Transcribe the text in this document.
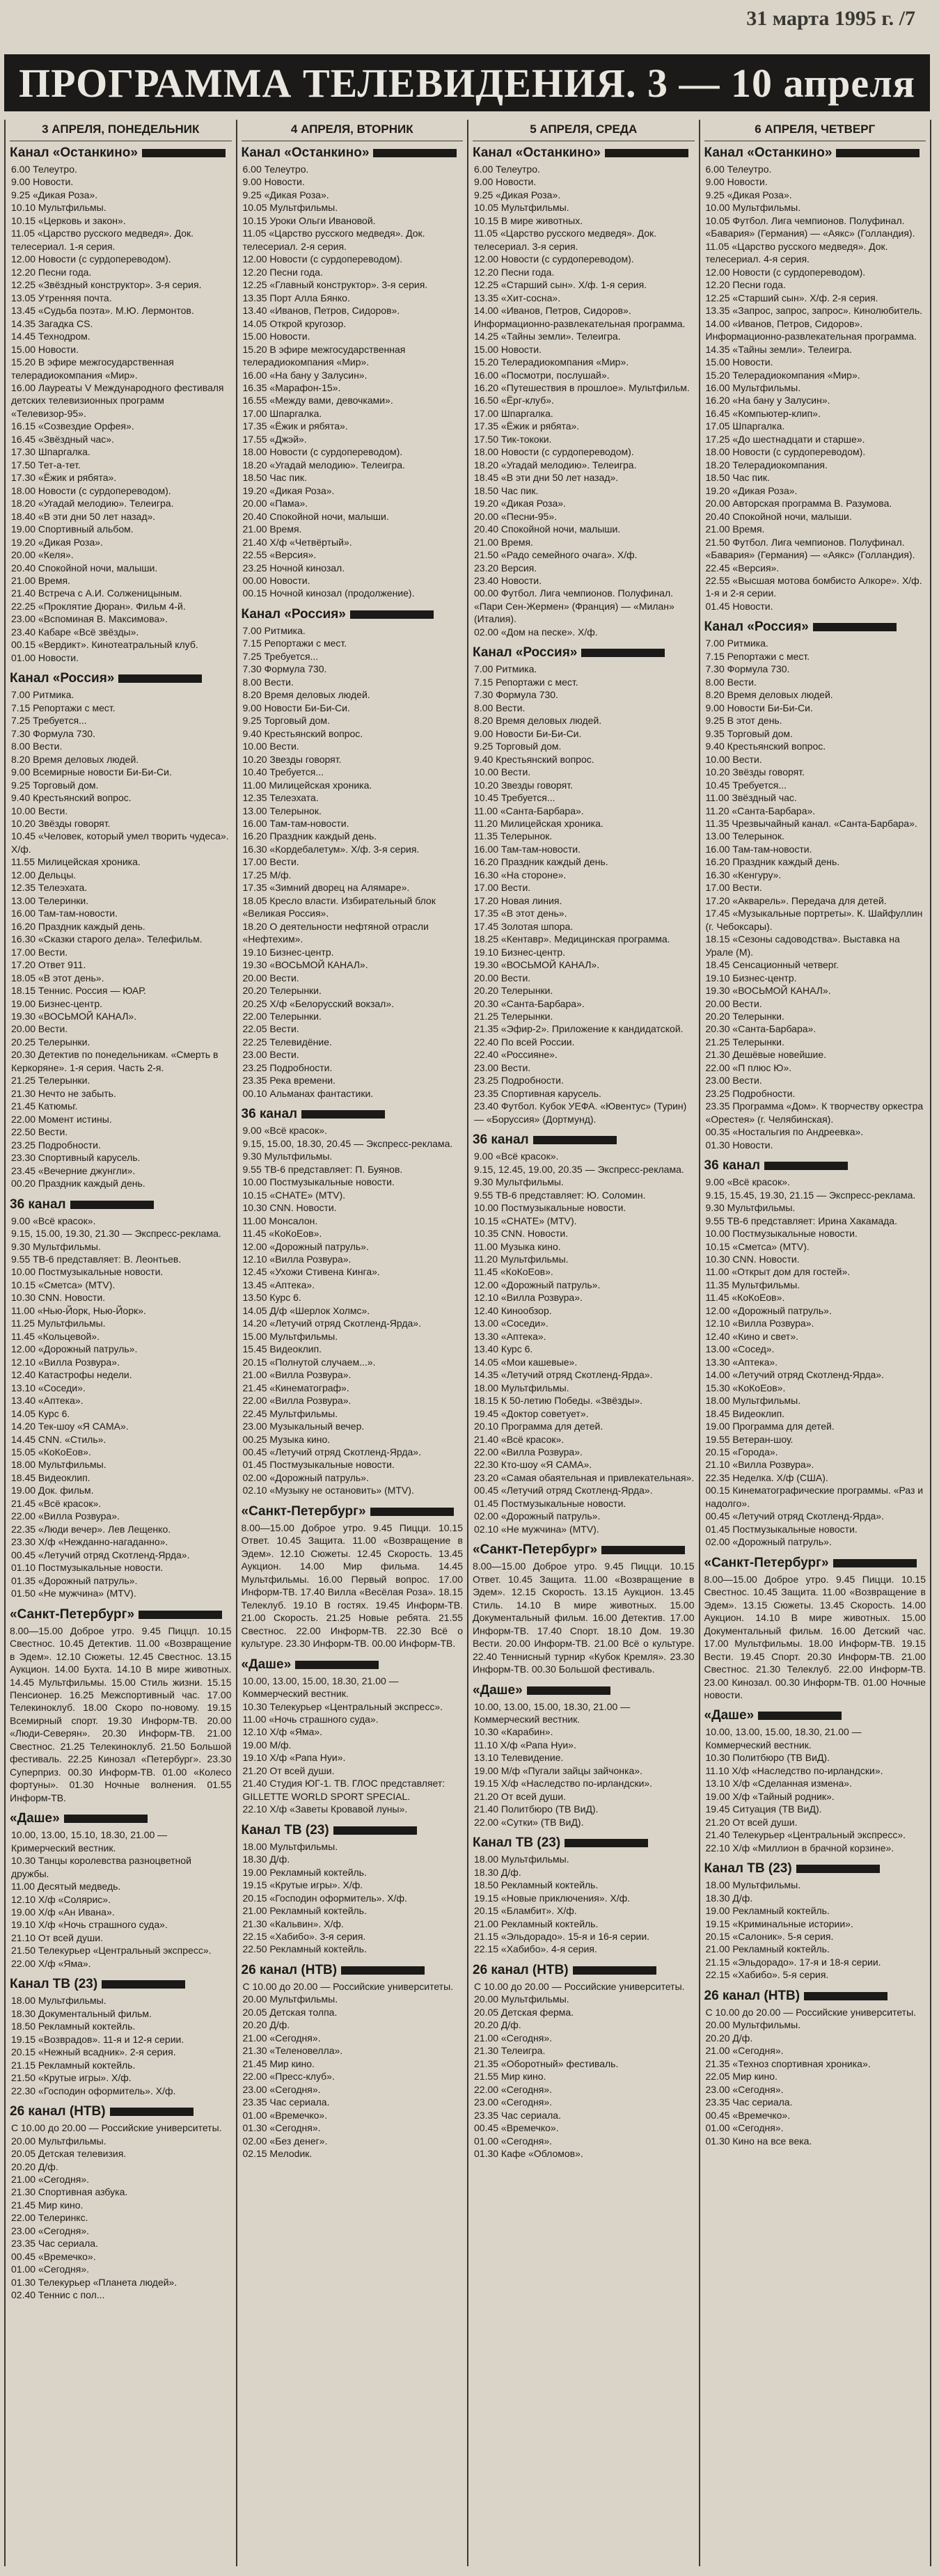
31 марта 1995 г. /7
ПРОГРАММА ТЕЛЕВИДЕНИЯ. 3 — 10 апреля
3 АПРЕЛЯ, ПОНЕДЕЛЬНИК
Канал «Останкино»

6.00 Телеутро.

9.00 Новости.

9.25 «Дикая Роза».

10.10 Мультфильмы.

10.15 «Церковь и закон».

11.05 «Царство русского медведя». Док. телесериал. 1-я серия.

12.00 Новости (с сурдопереводом).

12.20 Песни года.

12.25 «Звёздный конструктор». 3-я серия.

13.05 Утренняя почта.

13.45 «Судьба поэта». М.Ю. Лермонтов.

14.35 Загадка CS.

14.45 Технодром.

15.00 Новости.

15.20 В эфире межгосударственная телерадиокомпания «Мир».

16.00 Лауреаты V Международного фестиваля детских телевизионных программ «Телевизор-95».

16.15 «Созвездие Орфея».

16.45 «Звёздный час».

17.30 Шпаргалка.

17.50 Тет-а-тет.

17.30 «Ёжик и рябята».

18.00 Новости (с сурдопереводом).

18.20 «Угадай мелодию». Телеигра.

18.40 «В эти дни 50 лет назад».

19.00 Спортивный альбом.

19.20 «Дикая Роза».

20.00 «Келя».

20.40 Спокойной ночи, малыши.

21.00 Время.

21.40 Встреча с А.И. Солженицыным.

22.25 «Проклятие Дюран». Фильм 4-й.

23.00 «Вспоминая В. Максимова».

23.40 Кабаре «Всё звёзды».

00.15 «Вердикт». Кинотеатральный клуб.

01.00 Новости.

Канал «Россия»

7.00 Ритмика.

7.15 Репортажи с мест.

7.25 Требуется...

7.30 Формула 730.

8.00 Вести.

8.20 Время деловых людей.

9.00 Всемирные новости Би-Би-Си.

9.25 Торговый дом.

9.40 Крестьянский вопрос.

10.00 Вести.

10.20 Звёзды говорят.

10.45 «Человек, который умел творить чудеса». Х/ф.

11.55 Милицейская хроника.

12.00 Дельцы.

12.35 Телеэхата.

13.00 Телеринки.

16.00 Там-там-новости.

16.20 Праздник каждый день.

16.30 «Сказки старого дела». Телефильм.

17.00 Вести.

17.20 Ответ 911.

18.05 «В этот день».

18.15 Тенниc. Россия — ЮАР.

19.00 Бизнес-центр.

19.30 «ВОСЬМОЙ КАНАЛ».

20.00 Вести.

20.25 Телерынки.

20.30 Детектив по понедельникам. «Смерть в Керкоряне». 1-я серия. Часть 2-я.

21.25 Телерынки.

21.30 Нечто не забыть.

21.45 Катюмьг.

22.00 Момент истины.

22.50 Вести.

23.25 Подробности.

23.30 Спортивный карусель.

23.45 «Вечерние джунгли».

00.20 Праздник каждый день.

36 канал

9.00 «Всё красок».

9.15, 15.00, 19.30, 21.30 — Экспресс-реклама.

9.30 Мультфильмы.

9.55 ТВ-6 представляет: В. Леонтьев.

10.00 Постмузыкальные новости.

10.15 «Сметса» (МТV).

10.30 CNN. Новости.

11.00 «Нью-Йорк, Нью-Йорк».

11.25 Мультфильмы.

11.45 «Кольцевой».

12.00 «Дорожный патруль».

12.10 «Вилла Розвура».

12.40 Катастрофы недели.

13.10 «Соседи».

13.40 «Аптека».

14.05 Курс 6.

14.20 Тек-шоу «Я САМА».

14.45 CNN. «Стиль».

15.05 «КоКоЕов».

18.00 Мультфильмы.

18.45 Видеоклип.

19.00 Док. фильм.

21.45 «Всё красок».

22.00 «Вилла Розвура».

22.35 «Люди вечер». Лев Лещенко.

23.30 Х/ф «Нежданно-нагаданно».

00.45 «Летучий отряд Скотленд-Ярда».

01.10 Постмузыкальные новости.

01.35 «Дорожный патруль».

01.50 «Не мужчина» (МТV).

«Санкт-Петербург»

8.00—15.00 Доброе утро. 9.45 Пиццп. 10.15 Свеcтнос. 10.45 Детектив. 11.00 «Возвращение в Эдем». 12.10 Сюжеты. 12.45 Свеcтнос. 13.15 Аукцион. 14.00 Бухта. 14.10 В мире животных. 14.45 Мультфильмы. 15.00 Стиль жизни. 15.15 Пенсионер. 16.25 Межспортивный час. 17.00 Телекиноклуб. 18.00 Скоро по-новому. 19.15 Всемирный спорт. 19.30 Информ-ТВ. 20.00 «Люди-Северян». 20.30 Информ-ТВ. 21.00 Свеcтнос. 21.25 Телекиноклуб. 21.50 Большой фестиваль. 22.25 Кинозал «Петербург». 23.30 Суперприз. 00.30 Информ-ТВ. 01.00 «Колесо фортуны». 01.30 Ночные волнения. 01.55 Информ-ТВ.

«Даше»

10.00, 13.00, 15.10, 18.30, 21.00 — Кримерческий вестник.

10.30 Танцы королевства разноцветной дружбы.

11.00 Десятый медведь.

12.10 Х/ф «Солярис».

19.00 Х/ф «Ан Ивана».

19.10 Х/ф «Ночь страшного суда».

21.10 От всей души.

21.50 Телекурьер «Центральный экспресс».

22.00 Х/ф «Яма».

Канал ТВ (23)

18.00 Мультфильмы.

18.30 Документальный фильм.

18.50 Рекламный коктейль.

19.15 «Возврадов». 11-я и 12-я серии.

20.15 «Нежный всадник». 2-я серия.

21.15 Рекламный коктейль.

21.50 «Крутые игры». Х/ф.

22.30 «Господин оформитель». Х/ф.

26 канал (НТВ)

С 10.00 до 20.00 — Российские университеты.

20.00 Мультфильмы.

20.05 Детская телевизия.

20.20 Д/ф.

21.00 «Сегодня».

21.30 Спортивная азбука.

21.45 Мир кино.

22.00 Телеринкс.

23.00 «Сегодня».

23.35 Час сериала.

00.45 «Времечко».

01.00 «Сегодня».

01.30 Телекурьер «Планета людей».

02.40 Теннис с пол...

4 АПРЕЛЯ, ВТОРНИК
Канал «Останкино»

6.00 Телеутро.

9.00 Новости.

9.25 «Дикая Роза».

10.05 Мультфильмы.

10.15 Уроки Ольги Ивановой.

11.05 «Царство русского медведя». Док. телесериал. 2-я серия.

12.00 Новости (с сурдопереводом).

12.20 Песни года.

12.25 «Главный конструктор». 3-я серия.

13.35 Порт Алла Бянко.

13.40 «Иванов, Петров, Сидоров».

14.05 Открой кругозор.

15.00 Новости.

15.20 В эфире межгосударственная телерадиокомпания «Мир».

16.00 «На бану у Залусин».

16.35 «Марафон-15».

16.55 «Между вами, девочками».

17.00 Шпаргалка.

17.35 «Ёжик и рябята».

17.55 «Джэй».

18.00 Новости (с сурдопереводом).

18.20 «Угадай мелодию». Телеигра.

18.50 Час пик.

19.20 «Дикая Роза».

20.00 «Пама».

20.40 Спокойной ночи, малыши.

21.00 Время.

21.40 Х/ф «Четвёртый».

22.55 «Версия».

23.25 Ночной кинозал.

00.00 Новости.

00.15 Ночной кинозал (продолжение).

Канал «Россия»

7.00 Ритмика.

7.15 Репортажи с мест.

7.25 Требуется...

7.30 Формула 730.

8.00 Вести.

8.20 Время деловых людей.

9.00 Новости Би-Би-Си.

9.25 Торговый дом.

9.40 Крестьянский вопрос.

10.00 Вести.

10.20 Звезды говорят.

10.40 Требуется...

11.00 Милицейская хроника.

12.35 Телеэхата.

13.00 Телерынок.

16.00 Там-там-новости.

16.20 Праздник каждый день.

16.30 «Кордебалетум». Х/ф. 3-я серия.

17.00 Вести.

17.25 М/ф.

17.35 «Зимний дворец на Алямаре».

18.05 Кресло власти. Избирательный блок «Великая Россия».

18.20 О деятельности нефтяной отрасли «Нефтехим».

19.10 Бизнес-центр.

19.30 «ВОСЬМОЙ КАНАЛ».

20.00 Вести.

20.20 Телерынки.

20.25 Х/ф «Белорусский вокзал».

22.00 Телерынки.

22.05 Вести.

22.25 Телевидёние.

23.00 Вести.

23.25 Подробности.

23.35 Река времени.

00.10 Альманах фантастики.

36 канал

9.00 «Всё красок».

9.15, 15.00, 18.30, 20.45 — Экспресс-реклама.

9.30 Мультфильмы.

9.55 ТВ-6 представляет: П. Буянов.

10.00 Постмузыкальные новости.

10.15 «СНАТЕ» (МТV).

10.30 CNN. Новости.

11.00 Монсалон.

11.45 «КоКоЕов».

12.00 «Дорожный патруль».

12.10 «Вилла Розвура».

12.45 «Ухожи Стивена Кинга».

13.45 «Аптека».

13.50 Курс 6.

14.05 Д/ф «Шерлок Холмс».

14.20 «Летучий отряд Скотленд-Ярда».

15.00 Мультфильмы.

15.45 Видеоклип.

20.15 «Полнутой случаем...».

21.00 «Вилла Розвура».

21.45 «Кинематограф».

22.00 «Вилла Розвура».

22.45 Мультфильмы.

23.00 Музыкальный вечер.

00.25 Музыка кино.

00.45 «Летучий отряд Скотленд-Ярда».

01.45 Постмузыкальные новости.

02.00 «Дорожный патруль».

02.10 «Музыку не остановить» (МТV).

«Санкт-Петербург»

8.00—15.00 Доброе утро. 9.45 Пицци. 10.15 Ответ. 10.45 Защита. 11.00 «Возвращение в Эдем». 12.10 Сюжеты. 12.45 Скорость. 13.45 Аукцион. 14.00 Мир фильма. 14.45 Мультфильмы. 16.00 Первый вопрос. 17.00 Информ-ТВ. 17.40 Вилла «Весёлая Роза». 18.15 Телеклуб. 19.10 В гостях. 19.45 Информ-ТВ. 21.00 Скорость. 21.25 Новые ребята. 21.55 Свеcтнос. 22.00 Информ-ТВ. 22.30 Всё о культуре. 23.30 Информ-ТВ. 00.00 Информ-ТВ.

«Даше»

10.00, 13.00, 15.00, 18.30, 21.00 — Коммерческий вестник.

10.30 Телекурьер «Центральный экспресс».

11.00 «Ночь страшного суда».

12.10 Х/ф «Яма».

19.00 М/ф.

19.10 Х/ф «Рапа Нуи».

21.20 От всей души.

21.40 Студия ЮГ-1. ТВ. ГЛОС представляет: GILLETTE WORLD SPORT SPECIAL.

22.10 Х/ф «Заветы Кровавой луны».

Канал ТВ (23)

18.00 Мультфильмы.

18.30 Д/ф.

19.00 Рекламный коктейль.

19.15 «Крутые игры». Х/ф.

20.15 «Господин оформитель». Х/ф.

21.00 Рекламный коктейль.

21.30 «Кальвин». Х/ф.

22.15 «Хабибо». 3-я серия.

22.50 Рекламный коктейль.

26 канал (НТВ)

С 10.00 до 20.00 — Российские университеты.

20.00 Мультфильмы.

20.05 Детская толпа.

20.20 Д/ф.

21.00 «Сегодня».

21.30 «Теленовелла».

21.45 Мир кино.

22.00 «Пресс-клуб».

23.00 «Сегодня».

23.35 Час сериала.

01.00 «Времечко».

01.30 «Сегодня».

02.00 «Без денег».

02.15 Мелоdик.

5 АПРЕЛЯ, СРЕДА
Канал «Останкино»

6.00 Телеутро.

9.00 Новости.

9.25 «Дикая Роза».

10.05 Мультфильмы.

10.15 В мире животных.

11.05 «Царство русского медведя». Док. телесериал. 3-я серия.

12.00 Новости (с сурдопереводом).

12.20 Песни года.

12.25 «Старший сын». Х/ф. 1-я серия.

13.35 «Хит-сосна».

14.00 «Иванов, Петров, Сидоров». Информационно-развлекательная программа.

14.25 «Тайны земли». Телеигра.

15.00 Новости.

15.20 Телерадиокомпания «Мир».

16.00 «Посмотри, послушай».

16.20 «Путешествия в прошлое». Мультфильм.

16.50 «Ёрг-клуб».

17.00 Шпаргалка.

17.35 «Ёжик и рябята».

17.50 Тик-тококи.

18.00 Новости (с сурдопереводом).

18.20 «Угадай мелодию». Телеигра.

18.45 «В эти дни 50 лет назад».

18.50 Час пик.

19.20 «Дикая Роза».

20.00 «Песни-95».

20.40 Спокойной ночи, малыши.

21.00 Время.

21.50 «Радо семейного очага». Х/ф.

23.20 Версия.

23.40 Новости.

00.00 Футбол. Лига чемпионов. Полуфинал. «Пари Сен-Жермен» (Франция) — «Милан» (Италия).

02.00 «Дом на песке». Х/ф.

Канал «Россия»

7.00 Ритмика.

7.15 Репортажи с мест.

7.30 Формула 730.

8.00 Вести.

8.20 Время деловых людей.

9.00 Новости Би-Би-Си.

9.25 Торговый дом.

9.40 Крестьянский вопрос.

10.00 Вести.

10.20 Звезды говорят.

10.45 Требуется...

11.00 «Санта-Барбара».

11.20 Милицейская хроника.

11.35 Телерынок.

16.00 Там-там-новости.

16.20 Праздник каждый день.

16.30 «На стороне».

17.00 Вести.

17.20 Новая линия.

17.35 «В этот день».

17.45 Золотая шпора.

18.25 «Кентавр». Медицинская программа.

19.10 Бизнес-центр.

19.30 «ВОСЬМОЙ КАНАЛ».

20.00 Вести.

20.20 Телерынки.

20.30 «Санта-Барбара».

21.25 Телерынки.

21.35 «Эфир-2». Приложение к кандидатской.

22.40 По всей России.

22.40 «Россияне».

23.00 Вести.

23.25 Подробности.

23.35 Спортивная карусель.

23.40 Футбол. Кубок УЕФА. «Ювентус» (Турин) — «Боруссия» (Дортмунд).

36 канал

9.00 «Всё красок».

9.15, 12.45, 19.00, 20.35 — Экспресс-реклама.

9.30 Мультфильмы.

9.55 ТВ-6 представляет: Ю. Соломин.

10.00 Постмузыкальные новости.

10.15 «СНАТЕ» (МТV).

10.35 CNN. Новости.

11.00 Музыка кино.

11.20 Мультфильмы.

11.45 «КоКоЕов».

12.00 «Дорожный патруль».

12.10 «Вилла Розвура».

12.40 Кинообзор.

13.00 «Соседи».

13.30 «Аптека».

13.40 Курс 6.

14.05 «Мои кашевые».

14.35 «Летучий отряд Скотленд-Ярда».

18.00 Мультфильмы.

18.15 К 50-летию Победы. «Звёзды».

19.45 «Доктор советует».

20.10 Программа для детей.

21.40 «Всё красок».

22.00 «Вилла Розвура».

22.30 Кто-шоу «Я САМА».

23.20 «Самая обаятельная и привлекательная».

00.45 «Летучий отряд Скотленд-Ярда».

01.45 Постмузыкальные новости.

02.00 «Дорожный патруль».

02.10 «Не мужчина» (МТV).

«Санкт-Петербург»

8.00—15.00 Доброе утро. 9.45 Пицци. 10.15 Ответ. 10.45 Защита. 11.00 «Возвращение в Эдем». 12.15 Скорость. 13.15 Аукцион. 13.45 Стиль. 14.10 В мире животных. 15.00 Документальный фильм. 16.00 Детектив. 17.00 Информ-ТВ. 17.40 Спорт. 18.10 Дом. 19.30 Вести. 20.00 Информ-ТВ. 21.00 Всё о культуре. 22.40 Теннисный турнир «Кубок Кремля». 23.30 Информ-ТВ. 00.30 Большой фестиваль.

«Даше»

10.00, 13.00, 15.00, 18.30, 21.00 — Коммерческий вестник.

10.30 «Карабин».

11.10 Х/ф «Рапа Нуи».

13.10 Телевидение.

19.00 М/ф «Пугали зайцы зайчонка».

19.15 Х/ф «Наследство по-ирландски».

21.20 От всей души.

21.40 Политбюро (ТВ ВиД).

22.00 «Сутки» (ТВ ВиД).

Канал ТВ (23)

18.00 Мультфильмы.

18.30 Д/ф.

18.50 Рекламный коктейль.

19.15 «Новые приключения». Х/ф.

20.15 «Бламбит». Х/ф.

21.00 Рекламный коктейль.

21.15 «Эльдорадо». 15-я и 16-я серии.

22.15 «Хабибо». 4-я серия.

26 канал (НТВ)

С 10.00 до 20.00 — Российские университеты.

20.00 Мультфильмы.

20.05 Детская ферма.

20.20 Д/ф.

21.00 «Сегодня».

21.30 Телеигра.

21.35 «Оборотный» фестиваль.

21.55 Мир кино.

22.00 «Сегодня».

23.00 «Сегодня».

23.35 Час сериала.

00.45 «Времечко».

01.00 «Сегодня».

01.30 Кафе «Обломов».

6 АПРЕЛЯ, ЧЕТВЕРГ
Канал «Останкино»

6.00 Телеутро.

9.00 Новости.

9.25 «Дикая Роза».

10.00 Мультфильмы.

10.05 Футбол. Лига чемпионов. Полуфинал. «Бавария» (Германия) — «Аякс» (Голландия).

11.05 «Царство русского медведя». Док. телесериал. 4-я серия.

12.00 Новости (с сурдопереводом).

12.20 Песни года.

12.25 «Старший сын». Х/ф. 2-я серия.

13.35 «Запрос, запрос, запрос». Кинолюбитель.

14.00 «Иванов, Петров, Сидоров». Информационно-развлекательная программа.

14.35 «Тайны земли». Телеигра.

15.00 Новости.

15.20 Телерадиокомпания «Мир».

16.00 Мультфильмы.

16.20 «На бану у Залусин».

16.45 «Компьютер-клип».

17.05 Шпаргалка.

17.25 «До шестнадцати и старше».

18.00 Новости (с сурдопереводом).

18.20 Телерадиокомпания.

18.50 Час пик.

19.20 «Дикая Роза».

20.00 Авторская программа В. Разумова.

20.40 Спокойной ночи, малыши.

21.00 Время.

21.50 Футбол. Лига чемпионов. Полуфинал. «Бавария» (Германия) — «Аякс» (Голландия).

22.45 «Версия».

22.55 «Высшая мотова бомбисто Алкоре». Х/ф. 1-я и 2-я серии.

01.45 Новости.

Канал «Россия»

7.00 Ритмика.

7.15 Репортажи с мест.

7.30 Формула 730.

8.00 Вести.

8.20 Время деловых людей.

9.00 Новости Би-Би-Си.

9.25 В этот день.

9.35 Торговый дом.

9.40 Крестьянский вопрос.

10.00 Вести.

10.20 Звёзды говорят.

10.45 Требуется...

11.00 Звёздный час.

11.20 «Санта-Барбара».

11.35 Чрезвычайный канал. «Санта-Барбара».

13.00 Телерынок.

16.00 Там-там-новости.

16.20 Праздник каждый день.

16.30 «Кенгуру».

17.00 Вести.

17.20 «Акварель». Передача для детей.

17.45 «Музыкальные портреты». К. Шайфуллин (г. Чебоксары).

18.15 «Сезоны садоводства». Выставка на Урале (М).

18.45 Сенсационный четверг.

19.10 Бизнес-центр.

19.30 «ВОСЬМОЙ КАНАЛ».

20.00 Вести.

20.20 Телерынки.

20.30 «Санта-Барбара».

21.25 Телерынки.

21.30 Дешёвые новейшие.

22.00 «П плюс Ю».

23.00 Вести.

23.25 Подробности.

23.35 Программа «Дом». К творчеству оркестра «Орестея» (г. Челябинская).

00.35 «Ностальгия по Андреевка».

01.30 Новости.

36 канал

9.00 «Всё красок».

9.15, 15.45, 19.30, 21.15 — Экспресс-реклама.

9.30 Мультфильмы.

9.55 ТВ-6 представляет: Ирина Хакамада.

10.00 Постмузыкальные новости.

10.15 «Сметса» (МТV).

10.30 CNN. Новости.

11.00 «Открыт дом для гостей».

11.35 Мультфильмы.

11.45 «КоКоЕов».

12.00 «Дорожный патруль».

12.10 «Вилла Розвура».

12.40 «Кино и свет».

13.00 «Сосед».

13.30 «Аптека».

14.00 «Летучий отряд Скотленд-Ярда».

15.30 «КоКоЕов».

18.00 Мультфильмы.

18.45 Видеоклип.

19.00 Программа для детей.

19.55 Ветеран-шоу.

20.15 «Города».

21.10 «Вилла Розвура».

22.35 Неделка. Х/ф (США).

00.15 Кинематографические программы. «Раз и надолго».

00.45 «Летучий отряд Скотленд-Ярда».

01.45 Постмузыкальные новости.

02.00 «Дорожный патруль».

«Санкт-Петербург»

8.00—15.00 Доброе утро. 9.45 Пицци. 10.15 Свеcтнос. 10.45 Защита. 11.00 «Возвращение в Эдем». 13.15 Сюжеты. 13.45 Скорость. 14.00 Аукцион. 14.10 В мире животных. 15.00 Документальный фильм. 16.00 Детский час. 17.00 Мультфильмы. 18.00 Информ-ТВ. 19.15 Вести. 19.45 Спорт. 20.30 Информ-ТВ. 21.00 Свеcтнос. 21.30 Телеклуб. 22.00 Информ-ТВ. 23.00 Кинозал. 00.30 Информ-ТВ. 01.00 Ночные новости.

«Даше»

10.00, 13.00, 15.00, 18.30, 21.00 — Коммерческий вестник.

10.30 Политбюро (ТВ ВиД).

11.10 Х/ф «Наследство по-ирландски».

13.10 Х/ф «Сделанная измена».

19.00 Х/ф «Тайный родник».

19.45 Ситуация (ТВ ВиД).

21.20 От всей души.

21.40 Телекурьер «Центральный экспресс».

22.10 Х/ф «Миллион в брачной корзине».

Канал ТВ (23)

18.00 Мультфильмы.

18.30 Д/ф.

19.00 Рекламный коктейль.

19.15 «Криминальные истории».

20.15 «Салоник». 5-я серия.

21.00 Рекламный коктейль.

21.15 «Эльдорадо». 17-я и 18-я серии.

22.15 «Хабибо». 5-я серия.

26 канал (НТВ)

С 10.00 до 20.00 — Российские университеты.

20.00 Мультфильмы.

20.20 Д/ф.

21.00 «Сегодня».

21.35 «Техноз спортивная хроника».

22.05 Мир кино.

23.00 «Сегодня».

23.35 Час сериала.

00.45 «Времечко».

01.00 «Сегодня».

01.30 Кино на все века.
